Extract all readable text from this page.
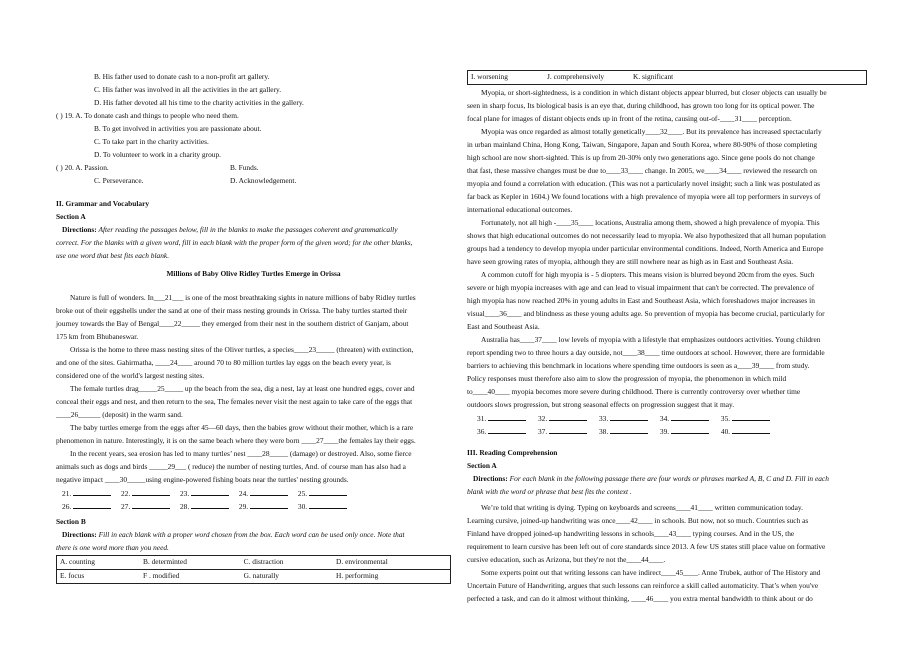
B. His father used to donate cash to a non-profit art gallery.
C. His father was involved in all the activities in the art gallery.
D. His father devoted all his time to the charity activities in the gallery.
( ) 19. A. To donate cash and things to people who need them.
B. To get involved in activities you are passionate about.
C. To take part in the charity activities.
D. To volunteer to work in a charity group.
( ) 20. A. Passion.	B. Funds.
C. Perseverance.	D. Acknowledgement.
II. Grammar and Vocabulary
Section A
Directions: After reading the passages below, fill in the blanks to make the passages coherent and grammatically
correct. For the blanks with a given word, fill in each blank with the proper form of the given word; for the other blanks,
use one word that best fits each blank.
Millions of Baby Olive Ridley Turtles Emerge in Orissa
Nature is full of wonders. In___21___ is one of the most breathtaking sights in nature millions of baby Ridley turtles
broke out of their eggshells under the sand at one of their mass nesting grounds in Orissa. The baby turtles started their
journey towards the Bay of Bengal____22_____ they emerged from their nest in the southern district of Ganjam, about
175 km from Bhubaneswar.
Orissa is the home to three mass nesting sites of the Oliver turtles, a species____23_____ (threaten) with extinction,
and one of the sites. Gahirmatha, ____24____ around 70 to 80 million turtles lay eggs on the beach every year, is
considered one of the world's largest nesting sites.
The female turtles drag_____25_____ up the beach from the sea, dig a nest, lay at least one hundred eggs, cover and
conceal their eggs and nest, and then return to the sea, The females never visit the nest again to take care of the eggs that
____26______ (deposit) in the warm sand.
The baby turtles emerge from the eggs after 45—60 days, then the babies grow without their mother, which is a rare
phenomenon in nature. Interestingly, it is on the same beach where they were born ____27____the females lay their eggs.
In the recent years, sea erosion has led to many turtles’ nest ____28_____ (damage) or destroyed. Also, some fierce
animals such as dogs and birds _____29___ ( reduce) the number of nesting turtles, And. of course man has also had a
negative impact ____30_____using engine-powered fishing boats near the turtles' nesting grounds.
21.	22.	23.	24.	25.
26.	27.	28.	29.	30.
Section B
Directions: Fill in each blank with a proper word chosen from the box. Each word can be used only once. Note that
there is one word more than you need.
A. counting	B. determinted	C. distraction	D. environmental
E. focus	F . modified	G. naturally	H. performing
I. worsening	J. comprehensively	K. significant
Myopia, or short-sightedness, is a condition in which distant objects appear blurred, but closer objects can usually be
seen in sharp focus, Its biological basis is an eye that, during childhood, has grown too long for its optical power. The
focal plane for images of distant objects ends up in front of the retina, causing out-of-____31____ perception.
Myopia was once regarded as almost totally genetically____32____. But its prevalence has increased spectacularly
in urban mainland China, Hong Kong, Taiwan, Singapore, Japan and South Korea, where 80-90% of those completing
high school are now short-sighted. This is up from 20-30% only two generations ago. Since gene pools do not change
that fast, these massive changes must be due to____33____ change. In 2005, we____34____ reviewed the research on
myopia and found a correlation with education. (This was not a particularly novel insight; such a link was postulated as
far back as Kepler in 1604.) We found locations with a high prevalence of myopia were all top performers in surveys of
international educational outcomes.
Fortunately, not all high -____35____ locations, Australia among them, showed a high prevalence of myopia. This
shows that high educational outcomes do not necessarily lead to myopia. We also hypothesized that all human population
groups had a tendency to develop myopia under particular environmental conditions. Indeed, North America and Europe
have seen growing rates of myopia, although they are still nowhere near as high as in East and Southeast Asia.
A common cutoff for high myopia is - 5 diopters. This means vision is blurred beyond 20cm from the eyes. Such
severe or high myopia increases with age and can lead to visual impairment that can't be corrected. The prevalence of
high myopia has now reached 20% in young adults in East and Southeast Asia, which foreshadows major increases in
visual____36____ and blindness as these young adults age. So prevention of myopia has become crucial, particularly for
East and Southeast Asia.
Australia has____37____ low levels of myopia with a lifestyle that emphasizes outdoors activities. Young children
report spending two to three hours a day outside, not____38____ time outdoors at school. However, there are formidable
barriers to achieving this benchmark in locations where spending time outdoors is seen as a____39____ from study.
Policy responses must therefore also aim to slow the progression of myopia, the phenomenon in which mild
to____40____ myopia becomes more severe during childhood. There is currently controversy over whether time
outdoors slows progression, but strong seasonal effects on progression suggest that it may.
31.	32.	33.	34.	35.
36.	37.	38.	39.	40.
III. Reading Comprehension
Section A
Directions: For each blank in the following passage there are four words or phrases marked A, B, C and D. Fill in each
blank with the word or phrase that best fits the context .
We’re told that writing is dying. Typing on keyboards and screens____41____ written communication today.
Learning cursive, joined-up handwriting was once____42____ in schools. But now, not so much. Countries such as
Finland have dropped joined-up handwriting lessons in schools____43____ typing courses. And in the US, the
requirement to learn cursive has been left out of core standards since 2013. A few US states still place value on formative
cursive education, such as Arizona, but they're not the____44____.
Some experts point out that writing lessons can have indirect____45____. Anne Trubek, author of The History and
Uncertain Future of Handwriting, argues that such lessons can reinforce a skill called automaticity. That’s when you've
perfected a task, and can do it almost without thinking, ____46____ you extra mental bandwidth to think about or do
